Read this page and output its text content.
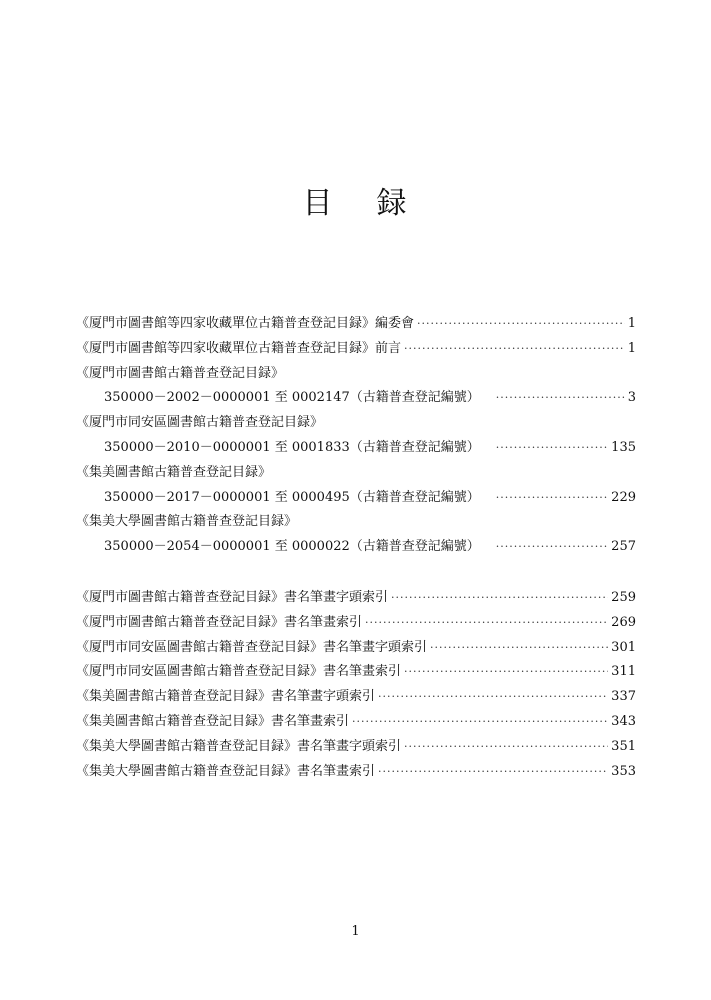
目 録
《厦門市圖書館等四家收藏單位古籍普查登記目録》編委會 ·····	1
《厦門市圖書館等四家收藏單位古籍普查登記目録》前言 ·····	1
《厦門市圖書館古籍普查登記目録》
350000－2002－0000001 至 0002147（古籍普查登記編號） ·····	3
《厦門市同安區圖書館古籍普查登記目録》
350000－2010－0000001 至 0001833（古籍普查登記編號） ·····	135
《集美圖書館古籍普查登記目録》
350000－2017－0000001 至 0000495（古籍普查登記編號） ·····	229
《集美大學圖書館古籍普查登記目録》
350000－2054－0000001 至 0000022（古籍普查登記編號） ·····	257
《厦門市圖書館古籍普查登記目録》書名筆畫字頭索引 ·····	259
《厦門市圖書館古籍普查登記目録》書名筆畫索引 ·····	269
《厦門市同安區圖書館古籍普查登記目録》書名筆畫字頭索引 ·····	301
《厦門市同安區圖書館古籍普查登記目録》書名筆畫索引 ·····	311
《集美圖書館古籍普查登記目録》書名筆畫字頭索引 ·····	337
《集美圖書館古籍普查登記目録》書名筆畫索引 ·····	343
《集美大學圖書館古籍普查登記目録》書名筆畫字頭索引 ·····	351
《集美大學圖書館古籍普查登記目録》書名筆畫索引 ·····	353
1
